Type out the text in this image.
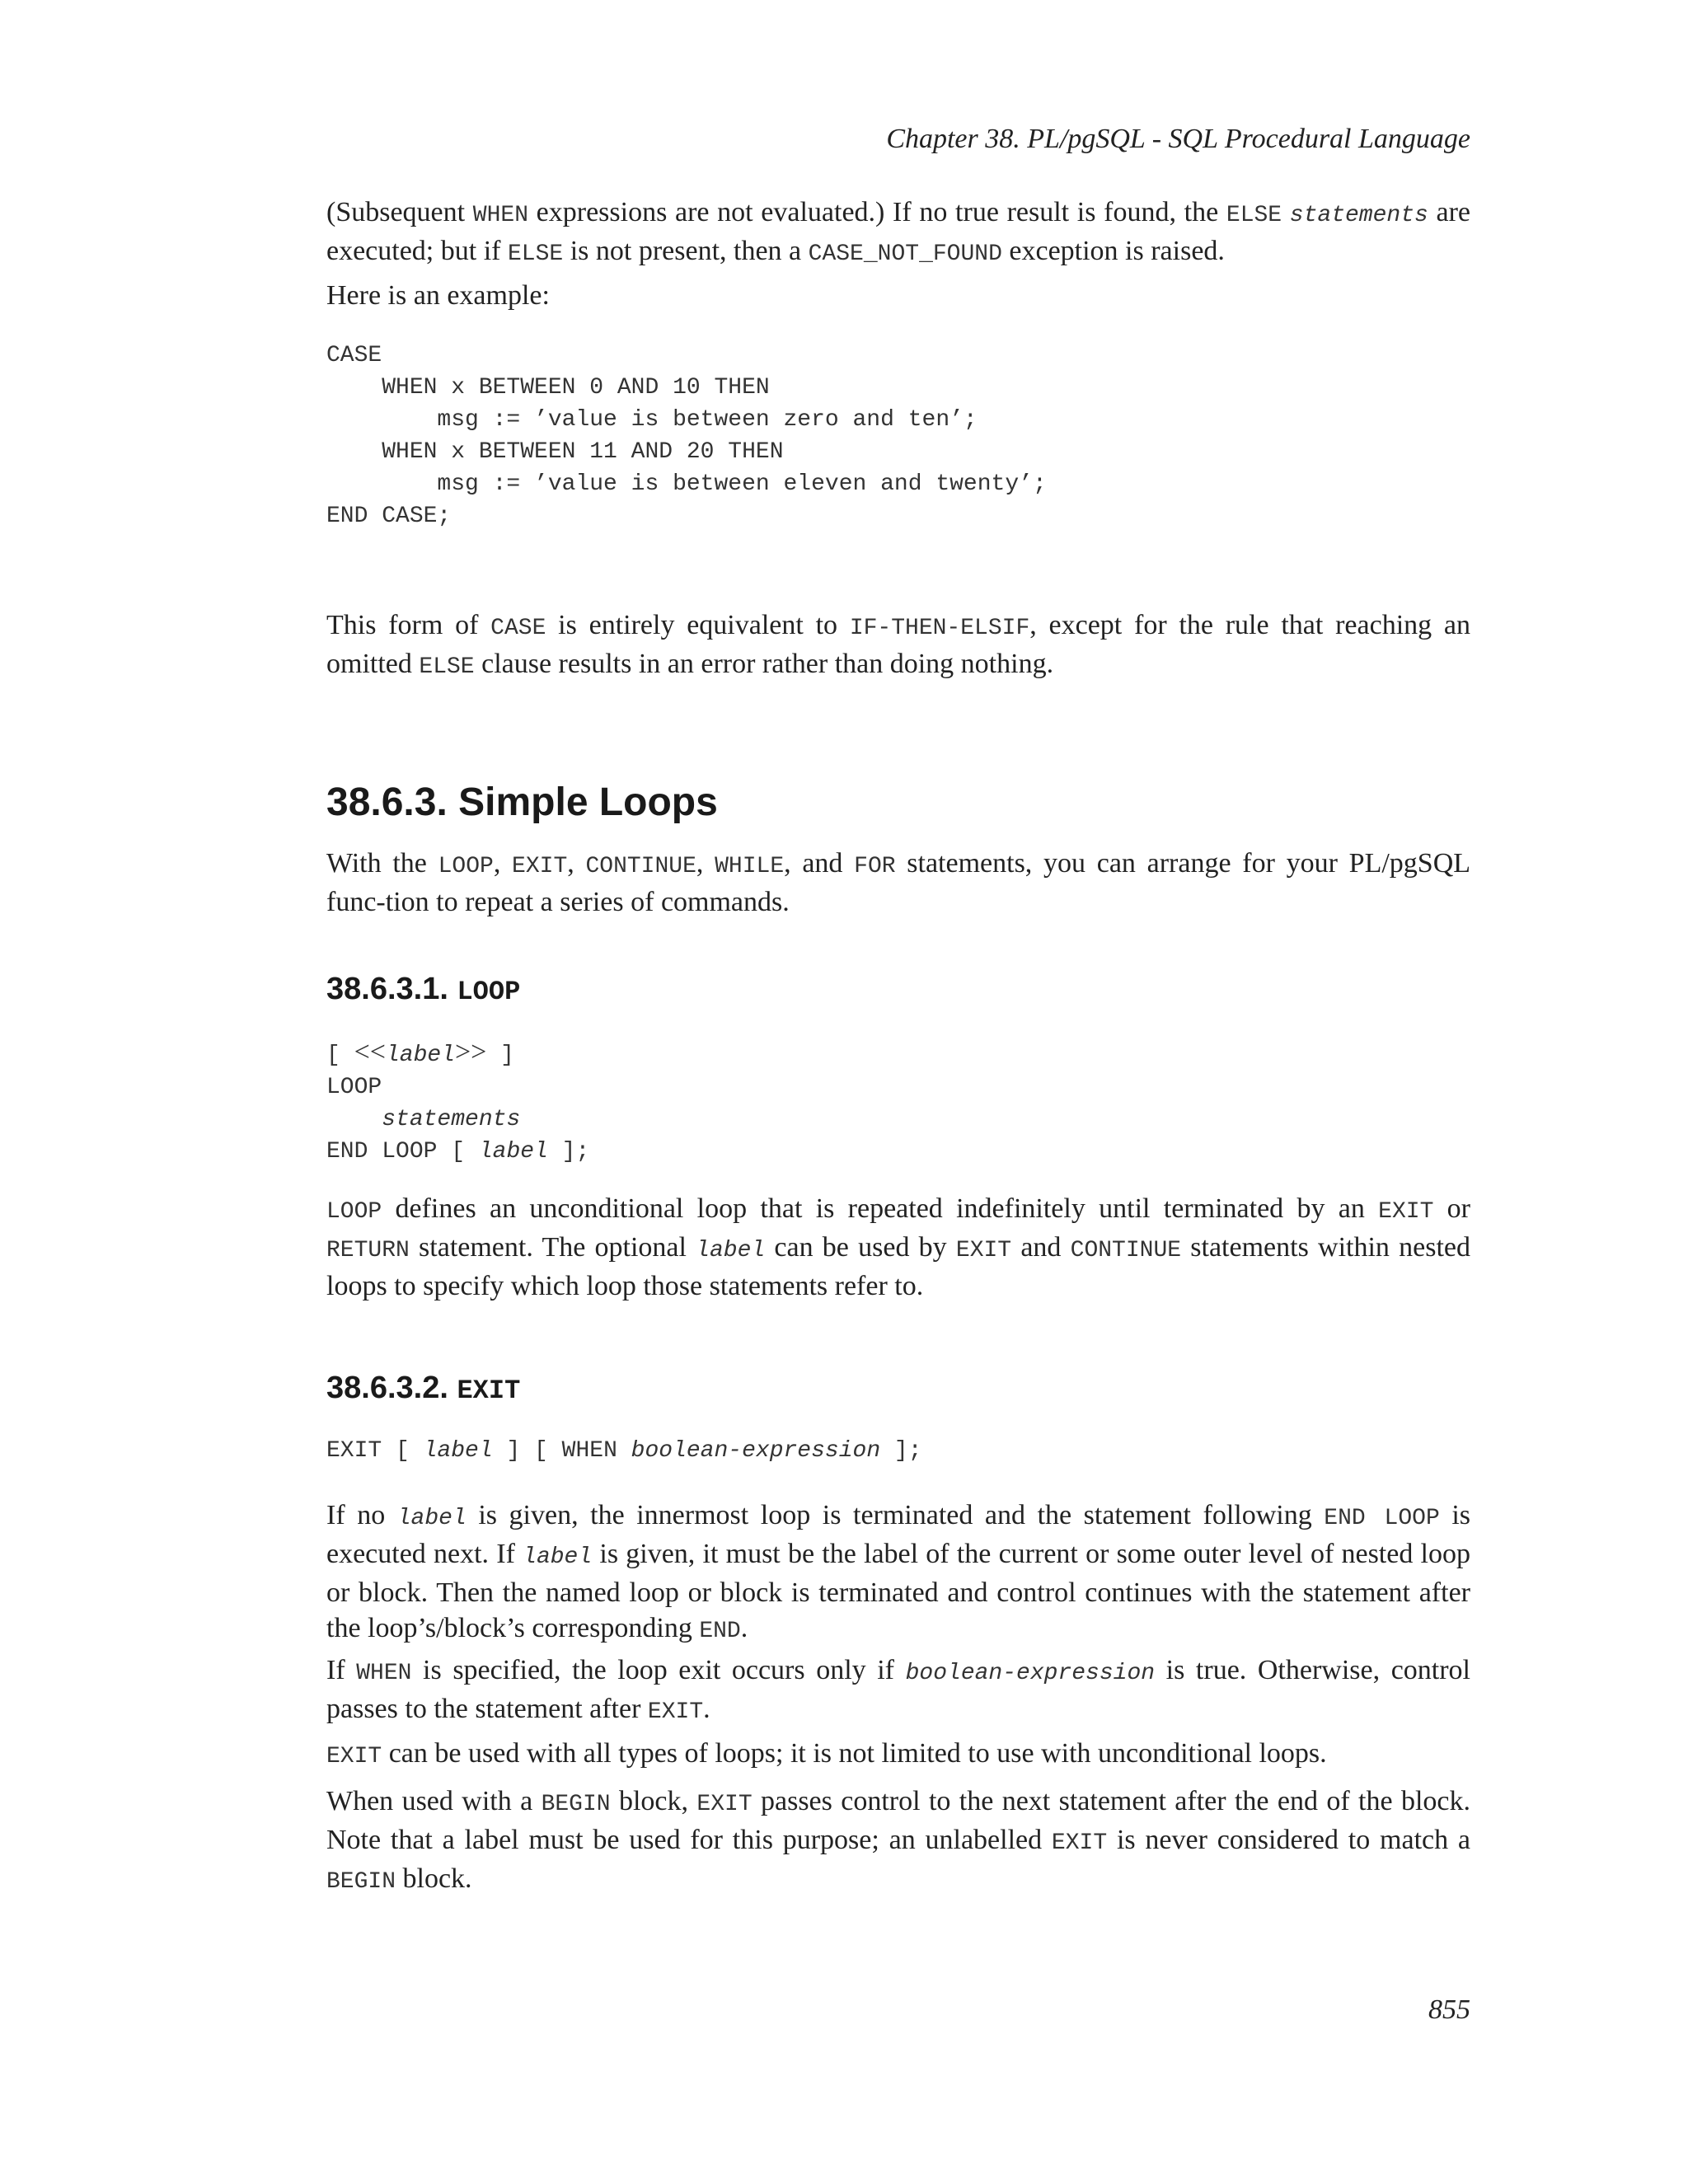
Chapter 38. PL/pgSQL - SQL Procedural Language

(Subsequent WHEN expressions are not evaluated.) If no true result is found, the ELSE statements are executed; but if ELSE is not present, then a CASE_NOT_FOUND exception is raised.

Here is an example:

CASE
WHEN x BETWEEN 0 AND 10 THEN
msg := ’value is between zero and ten’;
WHEN x BETWEEN 11 AND 20 THEN
msg := ’value is between eleven and twenty’;
END CASE;

This form of CASE is entirely equivalent to IF-THEN-ELSIF, except for the rule that reaching an omitted ELSE clause results in an error rather than doing nothing.

38.6.3. Simple Loops

With the LOOP, EXIT, CONTINUE, WHILE, and FOR statements, you can arrange for your PL/pgSQL func-tion to repeat a series of commands.

38.6.3.1. LOOP
[ <<label>> ]
LOOP
statements
END LOOP [ label ];

LOOP defines an unconditional loop that is repeated indefinitely until terminated by an EXIT or RETURN statement. The optional label can be used by EXIT and CONTINUE statements within nested loops to specify which loop those statements refer to.

38.6.3.2. EXIT
EXIT [ label ] [ WHEN boolean-expression ];

If no label is given, the innermost loop is terminated and the statement following END LOOP is executed next. If label is given, it must be the label of the current or some outer level of nested loop or block. Then the named loop or block is terminated and control continues with the statement after the loop’s/block’s corresponding END.

If WHEN is specified, the loop exit occurs only if boolean-expression is true. Otherwise, control passes to the statement after EXIT.

EXIT can be used with all types of loops; it is not limited to use with unconditional loops.

When used with a BEGIN block, EXIT passes control to the next statement after the end of the block. Note that a label must be used for this purpose; an unlabelled EXIT is never considered to match a BEGIN block.

855
